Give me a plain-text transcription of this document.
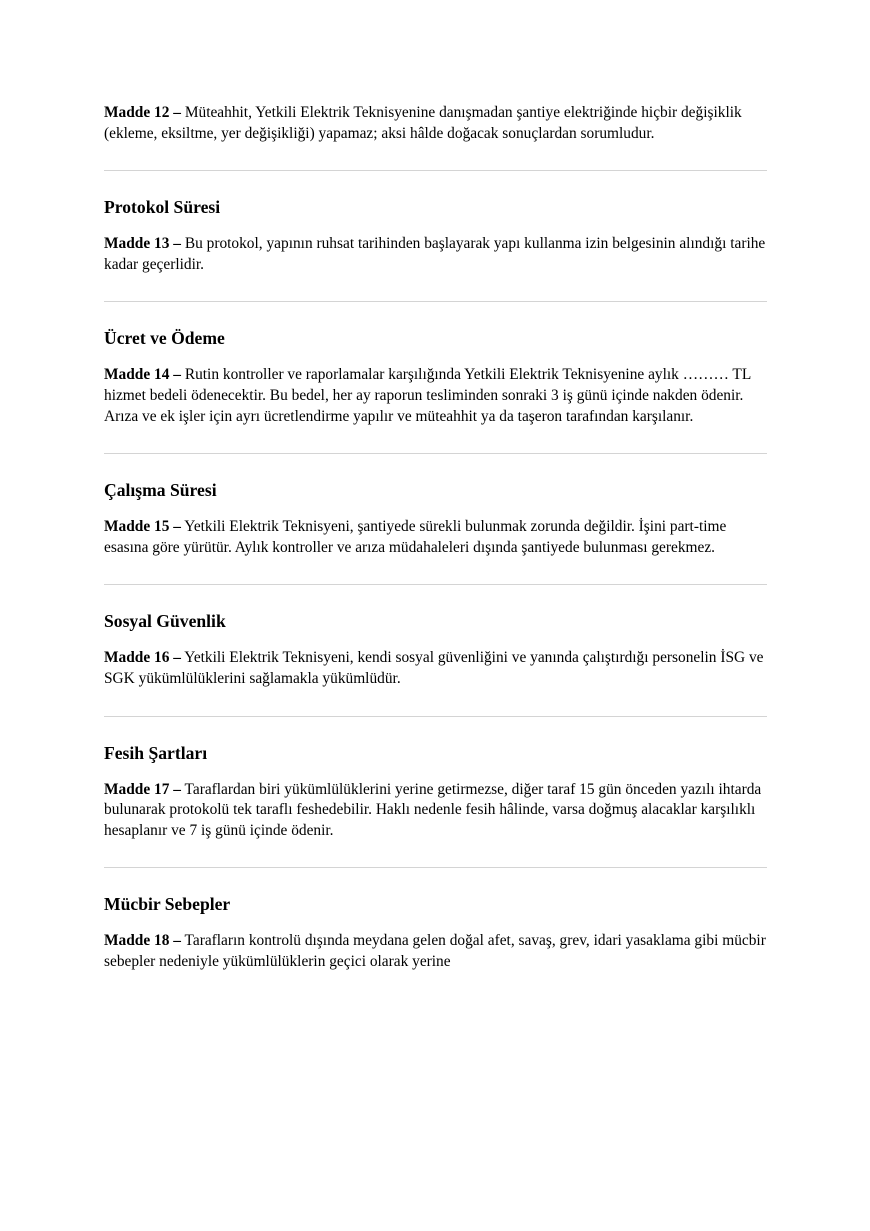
Madde 12 – Müteahhit, Yetkili Elektrik Teknisyenine danışmadan şantiye elektriğinde hiçbir değişiklik (ekleme, eksiltme, yer değişikliği) yapamaz; aksi hâlde doğacak sonuçlardan sorumludur.

Protokol Süresi

Madde 13 – Bu protokol, yapının ruhsat tarihinden başlayarak yapı kullanma izin belgesinin alındığı tarihe kadar geçerlidir.

Ücret ve Ödeme

Madde 14 – Rutin kontroller ve raporlamalar karşılığında Yetkili Elektrik Teknisyenine aylık ……… TL hizmet bedeli ödenecektir. Bu bedel, her ay raporun tesliminden sonraki 3 iş günü içinde nakden ödenir. Arıza ve ek işler için ayrı ücretlendirme yapılır ve müteahhit ya da taşeron tarafından karşılanır.

Çalışma Süresi

Madde 15 – Yetkili Elektrik Teknisyeni, şantiyede sürekli bulunmak zorunda değildir. İşini part-time esasına göre yürütür. Aylık kontroller ve arıza müdahaleleri dışında şantiyede bulunması gerekmez.

Sosyal Güvenlik

Madde 16 – Yetkili Elektrik Teknisyeni, kendi sosyal güvenliğini ve yanında çalıştırdığı personelin İSG ve SGK yükümlülüklerini sağlamakla yükümlüdür.

Fesih Şartları

Madde 17 – Taraflardan biri yükümlülüklerini yerine getirmezse, diğer taraf 15 gün önceden yazılı ihtarda bulunarak protokolü tek taraflı feshedebilir. Haklı nedenle fesih hâlinde, varsa doğmuş alacaklar karşılıklı hesaplanır ve 7 iş günü içinde ödenir.

Mücbir Sebepler

Madde 18 – Tarafların kontrolü dışında meydana gelen doğal afet, savaş, grev, idari yasaklama gibi mücbir sebepler nedeniyle yükümlülüklerin geçici olarak yerine
